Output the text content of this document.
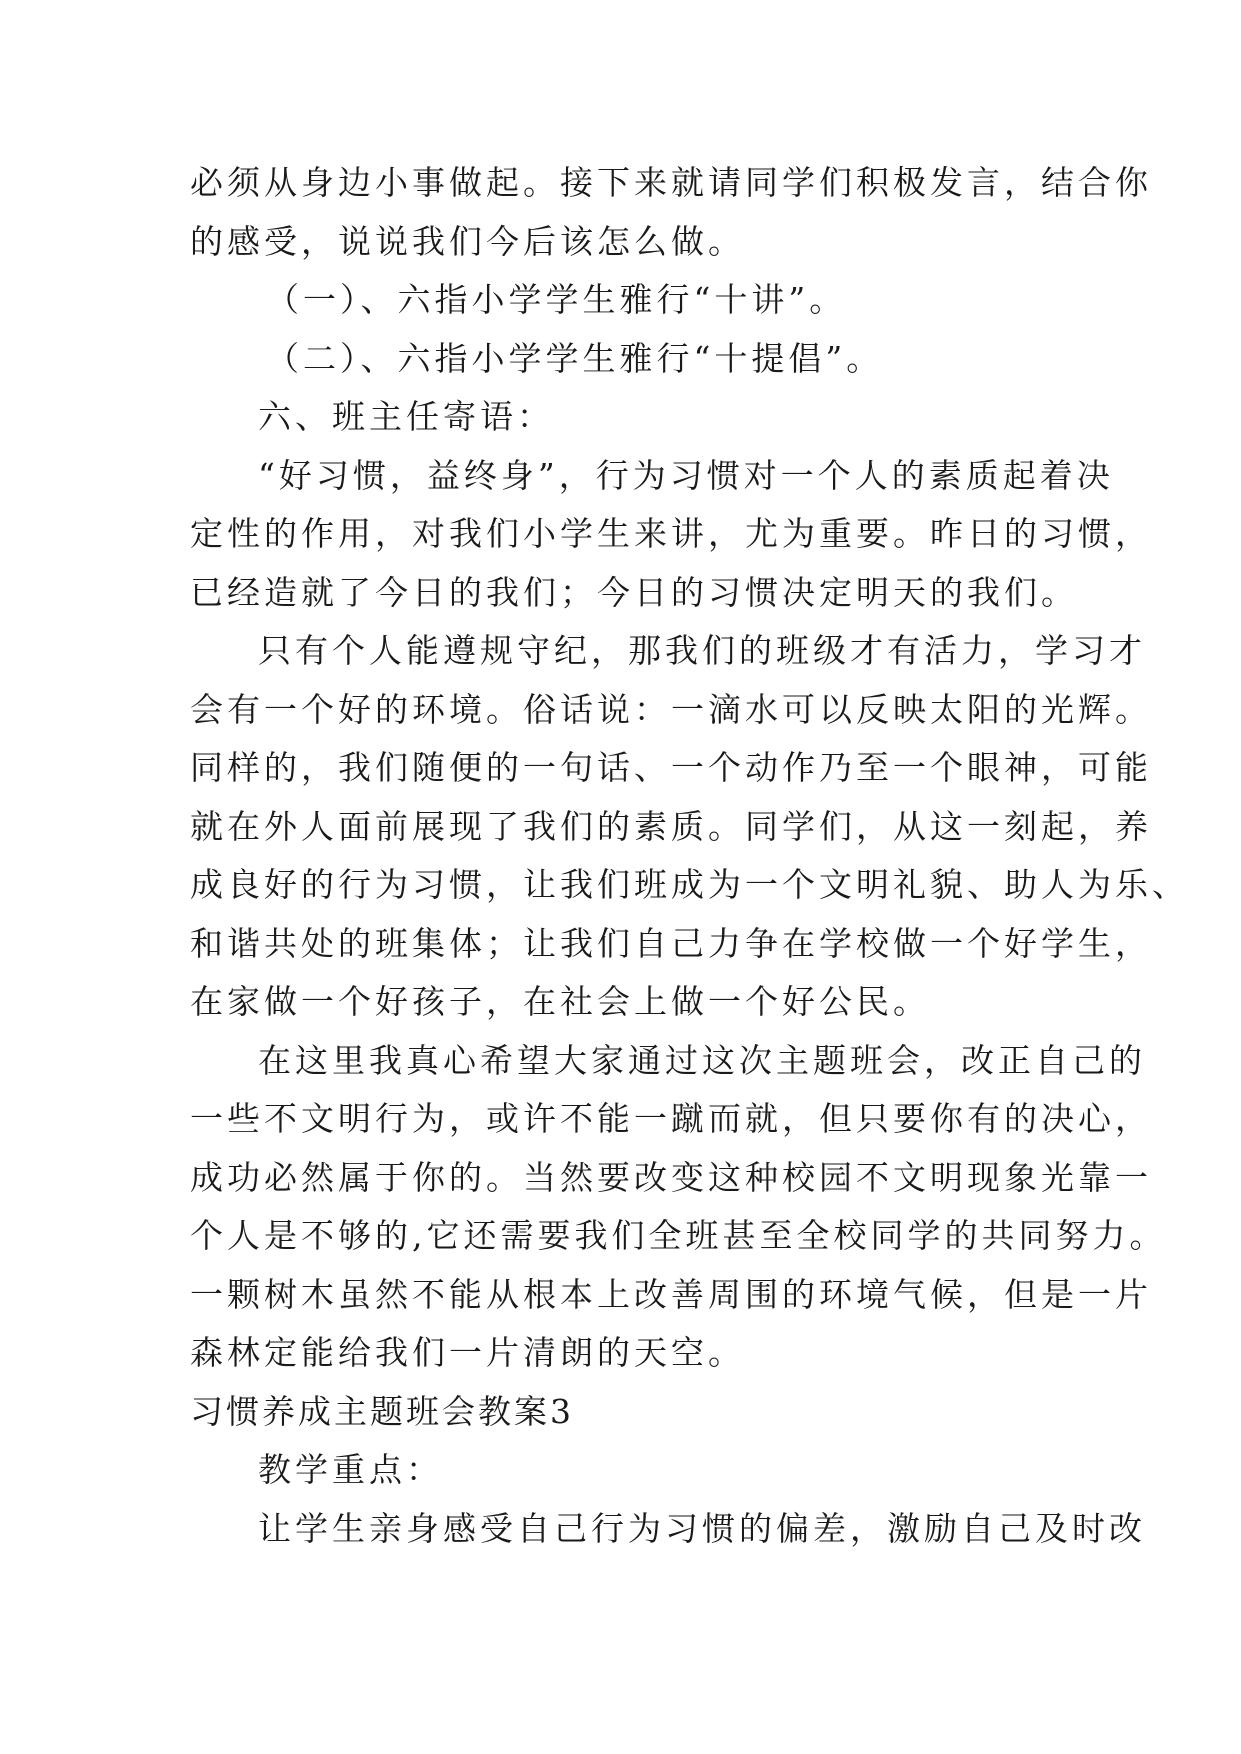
必须从身边小事做起。接下来就请同学们积极发言，结合你
的感受，说说我们今后该怎么做。
（一）、六指小学学生雅行“十讲”。
（二）、六指小学学生雅行“十提倡”。
六、班主任寄语：
“好习惯，益终身”，行为习惯对一个人的素质起着决
定性的作用，对我们小学生来讲，尤为重要。昨日的习惯，
已经造就了今日的我们；今日的习惯决定明天的我们。
只有个人能遵规守纪，那我们的班级才有活力，学习才
会有一个好的环境。俗话说：一滴水可以反映太阳的光辉。
同样的，我们随便的一句话、一个动作乃至一个眼神，可能
就在外人面前展现了我们的素质。同学们，从这一刻起，养
成良好的行为习惯，让我们班成为一个文明礼貌、助人为乐、
和谐共处的班集体；让我们自己力争在学校做一个好学生，
在家做一个好孩子，在社会上做一个好公民。
在这里我真心希望大家通过这次主题班会，改正自己的
一些不文明行为，或许不能一蹴而就，但只要你有的决心，
成功必然属于你的。当然要改变这种校园不文明现象光靠一
个人是不够的,它还需要我们全班甚至全校同学的共同努力。
一颗树木虽然不能从根本上改善周围的环境气候，但是一片
森林定能给我们一片清朗的天空。
习惯养成主题班会教案3
教学重点：
让学生亲身感受自己行为习惯的偏差，激励自己及时改
